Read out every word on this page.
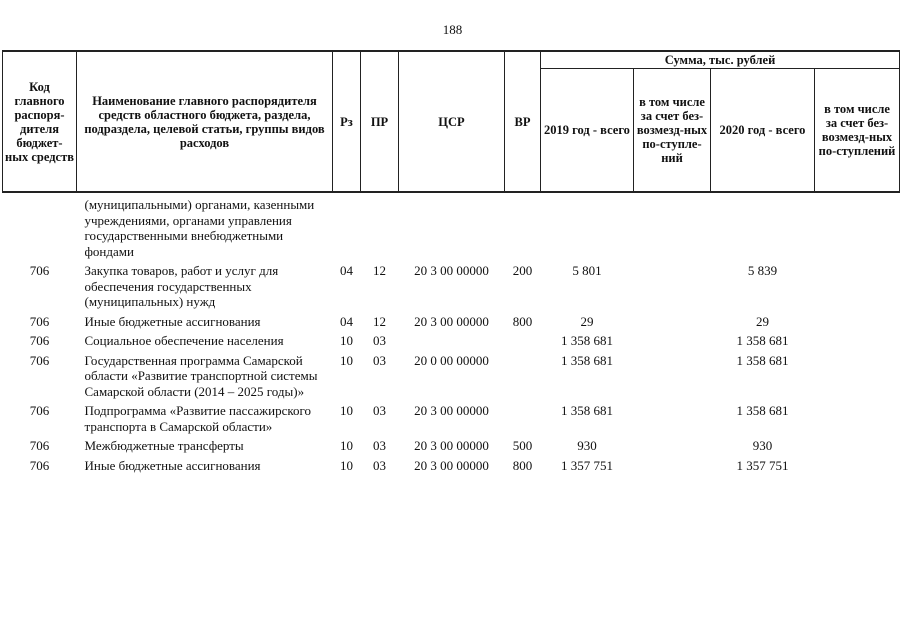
188
Код главного распоря-дителя бюджет-ных средств	Наименование главного распорядителя средств областного бюджета, раздела, подраздела, целевой статьи, группы видов расходов	Рз	ПР	ЦСР	ВР	Сумма, тыс. рублей			
						2019 год - всего	в том числе за счет без-возмезд-ных по-ступле-ний	2020 год - всего	в том числе за счет без-возмезд-ных по-ступлений

	(муниципальными) органами, казенными учреждениями, органами управления государственными внебюджетными фондами								
706	Закупка товаров, работ и услуг для обеспечения государственных (муниципальных) нужд	04	12	20 3 00 00000	200	5 801		5 839	
706	Иные бюджетные ассигнования	04	12	20 3 00 00000	800	29		29	
706	Социальное обеспечение населения	10	03			1 358 681		1 358 681	
706	Государственная программа Самарской области «Развитие транспортной системы Самарской области (2014 – 2025 годы)»	10	03	20 0 00 00000		1 358 681		1 358 681	
706	Подпрограмма «Развитие пассажирского транспорта в Самарской области»	10	03	20 3 00 00000		1 358 681		1 358 681	
706	Межбюджетные трансферты	10	03	20 3 00 00000	500	930		930	
706	Иные бюджетные ассигнования	10	03	20 3 00 00000	800	1 357 751		1 357 751	
